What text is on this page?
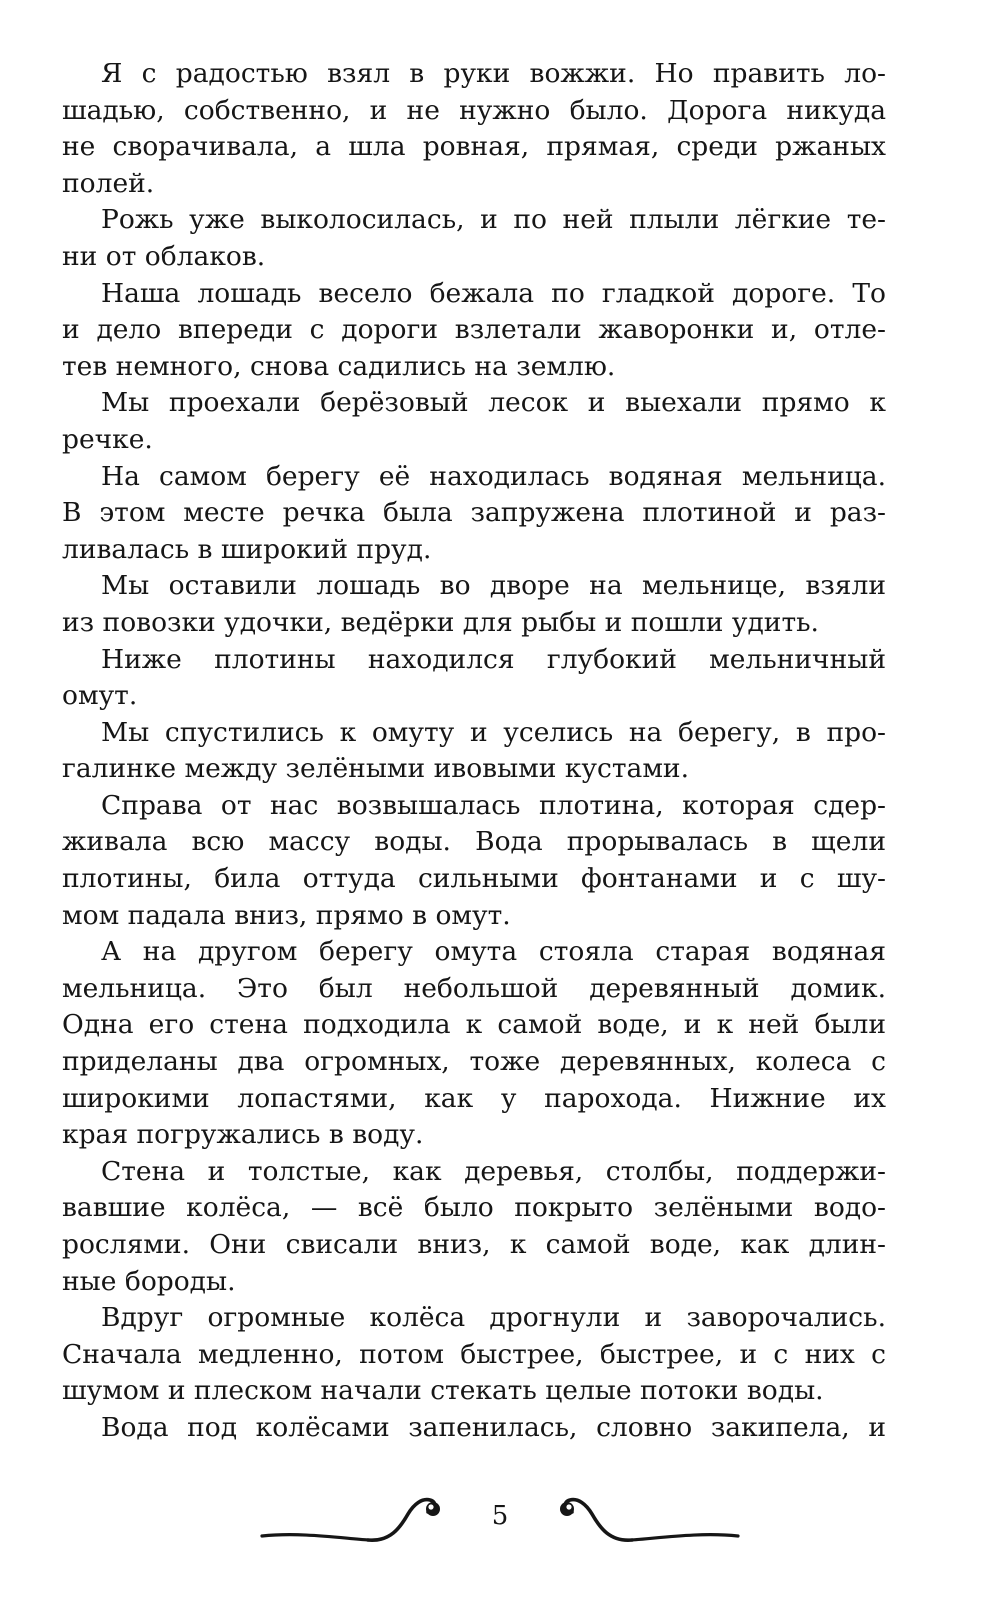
Я с радостью взял в руки вожжи. Но править ло-
шадью, собственно, и не нужно было. Дорога никуда
не сворачивала, а шла ровная, прямая, среди ржаных
полей.
Рожь уже выколосилась, и по ней плыли лёгкие те-
ни от облаков.
Наша лошадь весело бежала по гладкой дороге. То
и дело впереди с дороги взлетали жаворонки и, отле-
тев немного, снова садились на землю.
Мы проехали берёзовый лесок и выехали прямо к
речке.
На самом берегу её находилась водяная мельница.
В этом месте речка была запружена плотиной и раз-
ливалась в широкий пруд.
Мы оставили лошадь во дворе на мельнице, взяли
из повозки удочки, ведёрки для рыбы и пошли удить.
Ниже плотины находился глубокий мельничный
омут.
Мы спустились к омуту и уселись на берегу, в про-
галинке между зелёными ивовыми кустами.
Справа от нас возвышалась плотина, которая сдер-
живала всю массу воды. Вода прорывалась в щели
плотины, била оттуда сильными фонтанами и с шу-
мом падала вниз, прямо в омут.
А на другом берегу омута стояла старая водяная
мельница. Это был небольшой деревянный домик.
Одна его стена подходила к самой воде, и к ней были
приделаны два огромных, тоже деревянных, колеса с
широкими лопастями, как у парохода. Нижние их
края погружались в воду.
Стена и толстые, как деревья, столбы, поддержи-
вавшие колёса, — всё было покрыто зелёными водо-
рослями. Они свисали вниз, к самой воде, как длин-
ные бороды.
Вдруг огромные колёса дрогнули и заворочались.
Сначала медленно, потом быстрее, быстрее, и с них с
шумом и плеском начали стекать целые потоки воды.
Вода под колёсами запенилась, словно закипела, и
5
